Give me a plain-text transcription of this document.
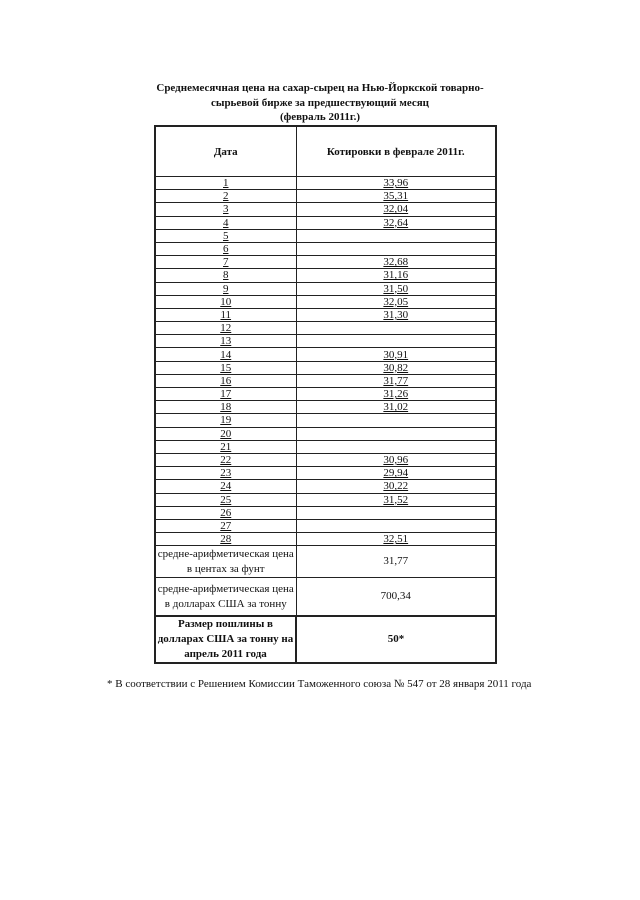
Среднемесячная цена на сахар-сырец на Нью-Йоркской товарно-
сырьевой бирже за предшествующий месяц
(февраль 2011г.)
Дата	Котировки в феврале 2011г.
1	33,96
2	35,31
3	32,04
4	32,64
5	
6	
7	32,68
8	31,16
9	31,50
10	32,05
11	31,30
12	
13	
14	30,91
15	30,82
16	31,77
17	31,26
18	31,02
19	
20	
21	
22	30,96
23	29,94
24	30,22
25	31,52
26	
27	
28	32,51

средне-арифметическая цена
в центах за фунт	31,77

средне-арифметическая цена
в долларах США за тонну	700,34

Размер пошлины в
долларах США за тонну на
апрель 2011 года	50*
* В соответствии с Решением Комиссии Таможенного союза № 547 от 28 января 2011 года
